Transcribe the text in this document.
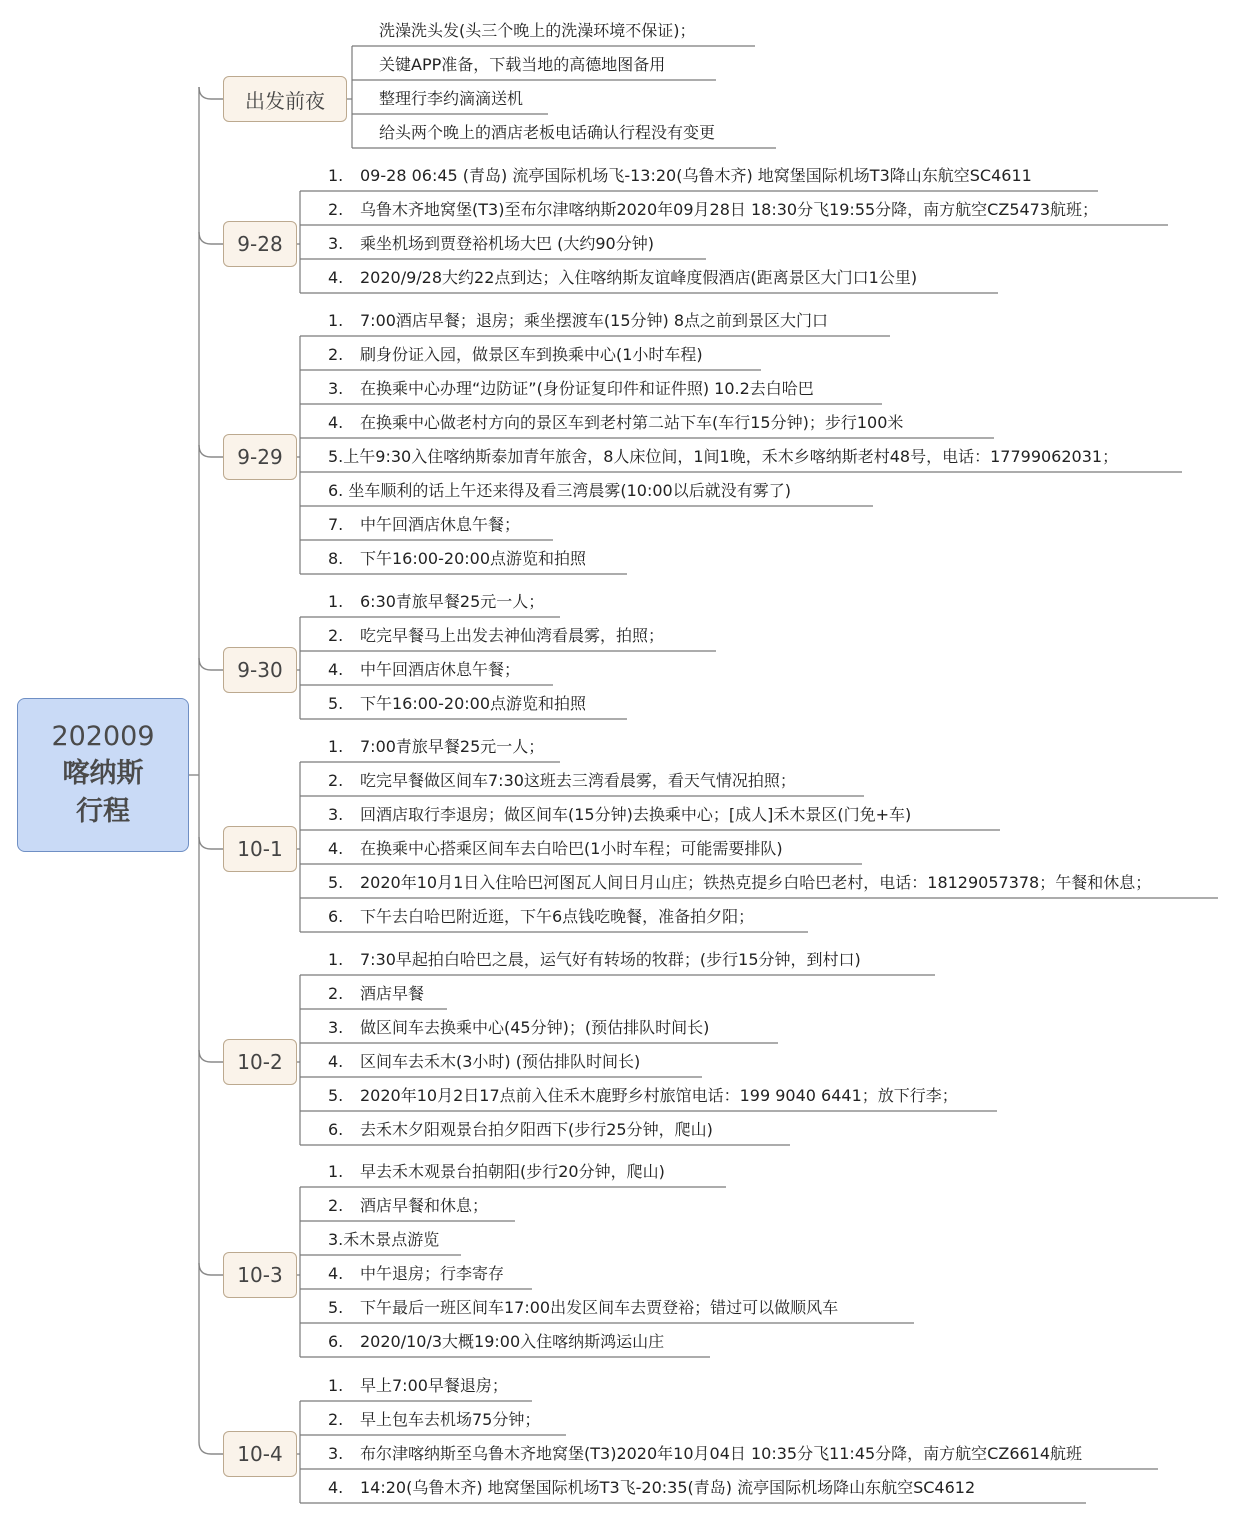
202009
喀纳斯
行程
出发前夜
洗澡洗头发(头三个晚上的洗澡环境不保证)；
关键APP准备，下载当地的高德地图备用
整理行李约滴滴送机
给头两个晚上的酒店老板电话确认行程没有变更
9-28
1. 09-28 06:45 (青岛) 流亭国际机场飞-13:20(乌鲁木齐) 地窝堡国际机场T3降山东航空SC4611
2. 乌鲁木齐地窝堡(T3)至布尔津喀纳斯2020年09月28日 18:30分飞19:55分降，南方航空CZ5473航班；
3. 乘坐机场到贾登裕机场大巴 (大约90分钟)
4. 2020/9/28大约22点到达；入住喀纳斯友谊峰度假酒店(距离景区大门口1公里)
9-29
1. 7:00酒店早餐；退房；乘坐摆渡车(15分钟) 8点之前到景区大门口
2. 刷身份证入园，做景区车到换乘中心(1小时车程)
3. 在换乘中心办理“边防证”(身份证复印件和证件照) 10.2去白哈巴
4. 在换乘中心做老村方向的景区车到老村第二站下车(车行15分钟)；步行100米
5.上午9:30入住喀纳斯泰加青年旅舍，8人床位间，1间1晚，禾木乡喀纳斯老村48号，电话：17799062031；
6. 坐车顺利的话上午还来得及看三湾晨雾(10:00以后就没有雾了)
7. 中午回酒店休息午餐；
8. 下午16:00-20:00点游览和拍照
9-30
1. 6:30青旅早餐25元一人；
2. 吃完早餐马上出发去神仙湾看晨雾，拍照；
4. 中午回酒店休息午餐；
5. 下午16:00-20:00点游览和拍照
10-1
1. 7:00青旅早餐25元一人；
2. 吃完早餐做区间车7:30这班去三湾看晨雾，看天气情况拍照；
3. 回酒店取行李退房；做区间车(15分钟)去换乘中心；[成人]禾木景区(门免+车)
4. 在换乘中心搭乘区间车去白哈巴(1小时车程；可能需要排队)
5. 2020年10月1日入住哈巴河图瓦人间日月山庄；铁热克提乡白哈巴老村，电话：18129057378；午餐和休息；
6. 下午去白哈巴附近逛，下午6点钱吃晚餐，准备拍夕阳；
10-2
1. 7:30早起拍白哈巴之晨，运气好有转场的牧群；(步行15分钟，到村口)
2. 酒店早餐
3. 做区间车去换乘中心(45分钟)；(预估排队时间长)
4. 区间车去禾木(3小时) (预估排队时间长)
5. 2020年10月2日17点前入住禾木鹿野乡村旅馆电话：199 9040 6441；放下行李；
6. 去禾木夕阳观景台拍夕阳西下(步行25分钟，爬山)
10-3
1. 早去禾木观景台拍朝阳(步行20分钟，爬山)
2. 酒店早餐和休息；
3.禾木景点游览
4. 中午退房；行李寄存
5. 下午最后一班区间车17:00出发区间车去贾登裕；错过可以做顺风车
6. 2020/10/3大概19:00入住喀纳斯鸿运山庄
10-4
1. 早上7:00早餐退房；
2. 早上包车去机场75分钟；
3. 布尔津喀纳斯至乌鲁木齐地窝堡(T3)2020年10月04日 10:35分飞11:45分降，南方航空CZ6614航班
4. 14:20(乌鲁木齐) 地窝堡国际机场T3飞-20:35(青岛) 流亭国际机场降山东航空SC4612
